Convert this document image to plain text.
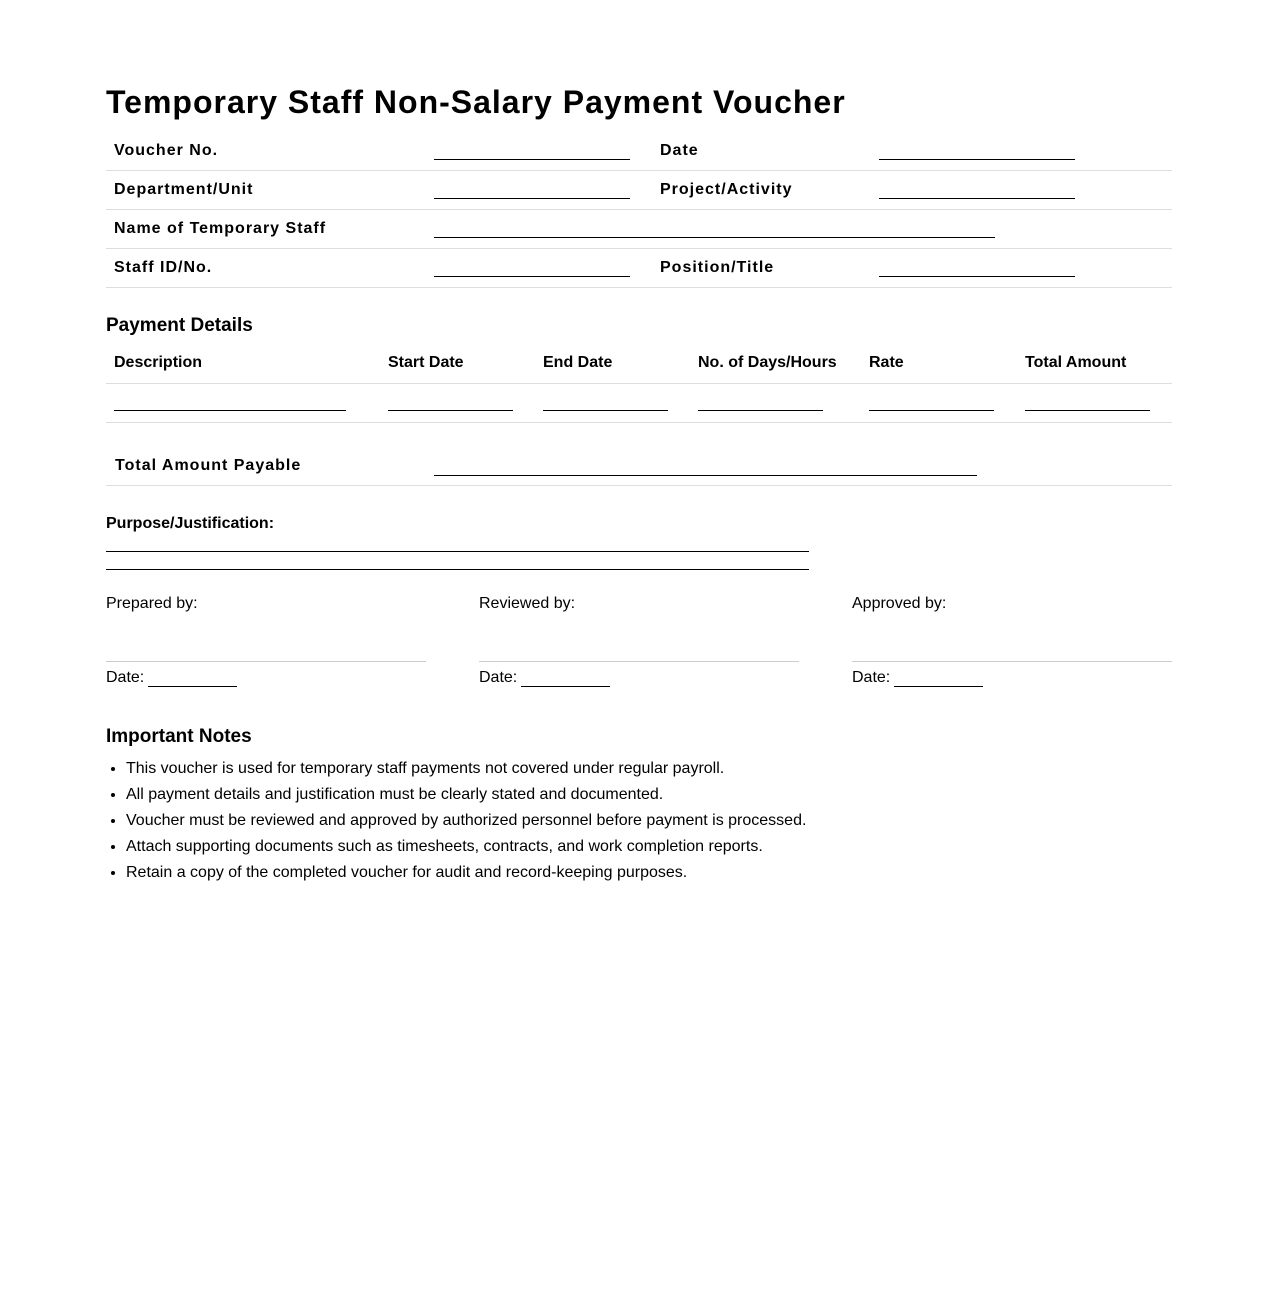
Temporary Staff Non-Salary Payment Voucher
Voucher No.		Date	

Department/Unit		Project/Activity	

Name of Temporary Staff			

Staff ID/No.		Position/Title	
Payment Details
Description	Start Date	End Date	No. of Days/Hours	Rate	Total Amount

Total Amount Payable
Purpose/Justification:
Prepared by:
Date:
Reviewed by:
Date:
Approved by:
Date:
Important Notes
• This voucher is used for temporary staff payments not covered under regular payroll.
• All payment details and justification must be clearly stated and documented.
• Voucher must be reviewed and approved by authorized personnel before payment is processed.
• Attach supporting documents such as timesheets, contracts, and work completion reports.
• Retain a copy of the completed voucher for audit and record-keeping purposes.
